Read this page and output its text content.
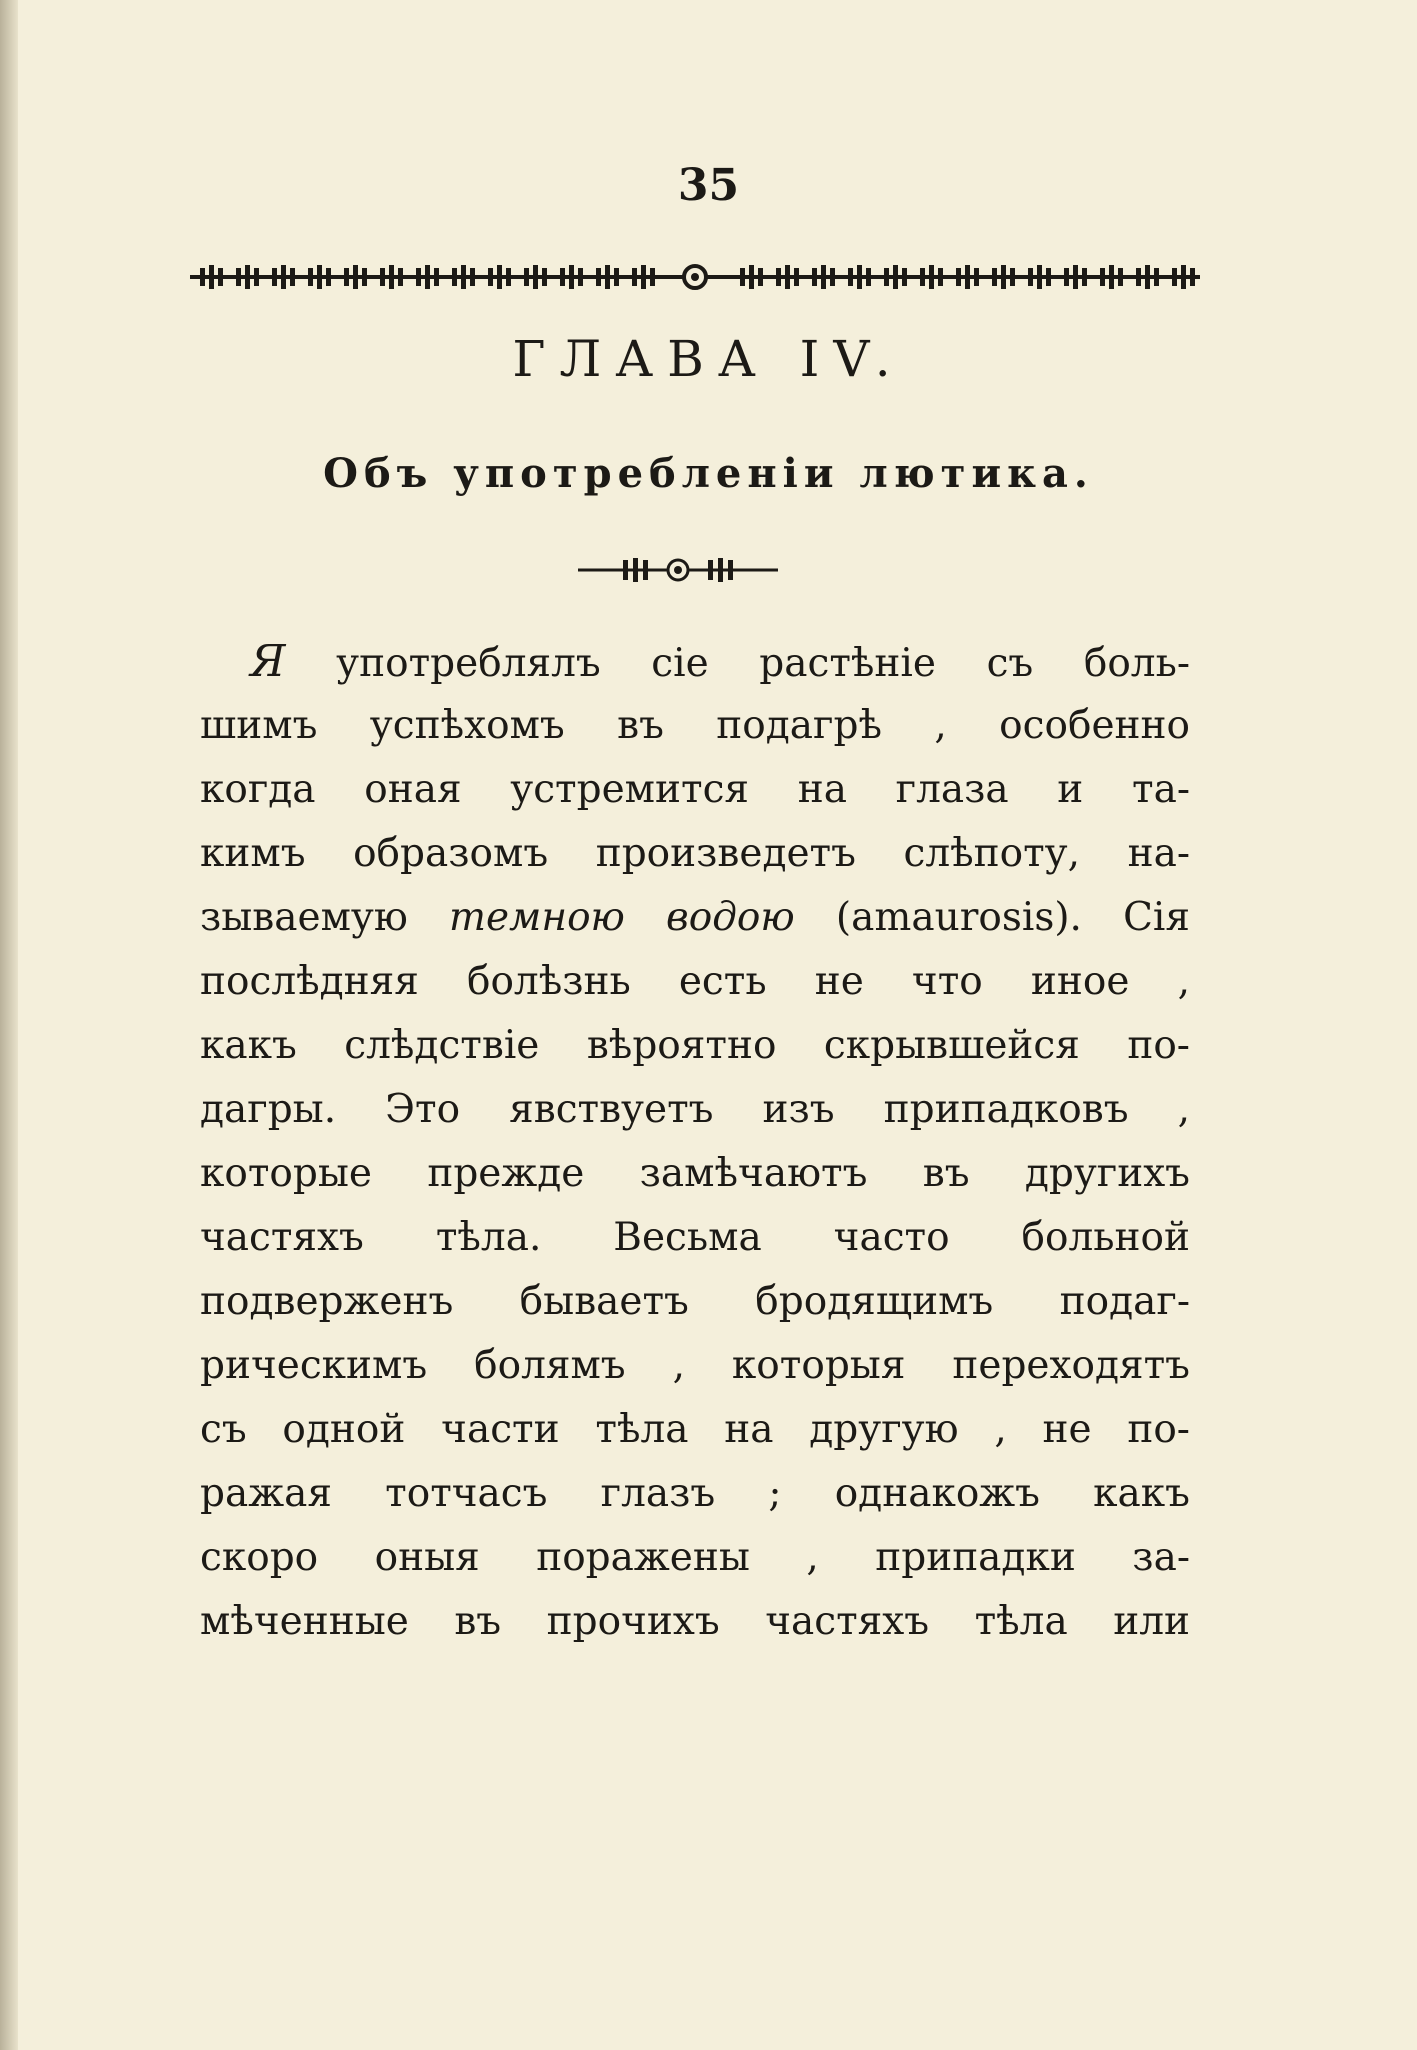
35
ГЛАВА IV.
Объ употребленіи лютика.
Я употреблялъ сіе растѣніе съ боль-
шимъ успѣхомъ въ подагрѣ , особенно
когда оная устремится на глаза и та-
кимъ образомъ произведетъ слѣпоту, на-
зываемую темною водою (amaurosis). Сія
послѣдняя болѣзнь есть не что иное ,
какъ слѣдствіе вѣроятно скрывшейся по-
дагры. Это явствуетъ изъ припадковъ ,
которые прежде замѣчаютъ въ другихъ
частяхъ тѣла. Весьма часто больной
подверженъ бываетъ бродящимъ подаг-
рическимъ болямъ , которыя переходятъ
съ одной части тѣла на другую , не по-
ражая тотчасъ глазъ ; однакожъ какъ
скоро оныя поражены , припадки за-
мѣченные въ прочихъ частяхъ тѣла или
